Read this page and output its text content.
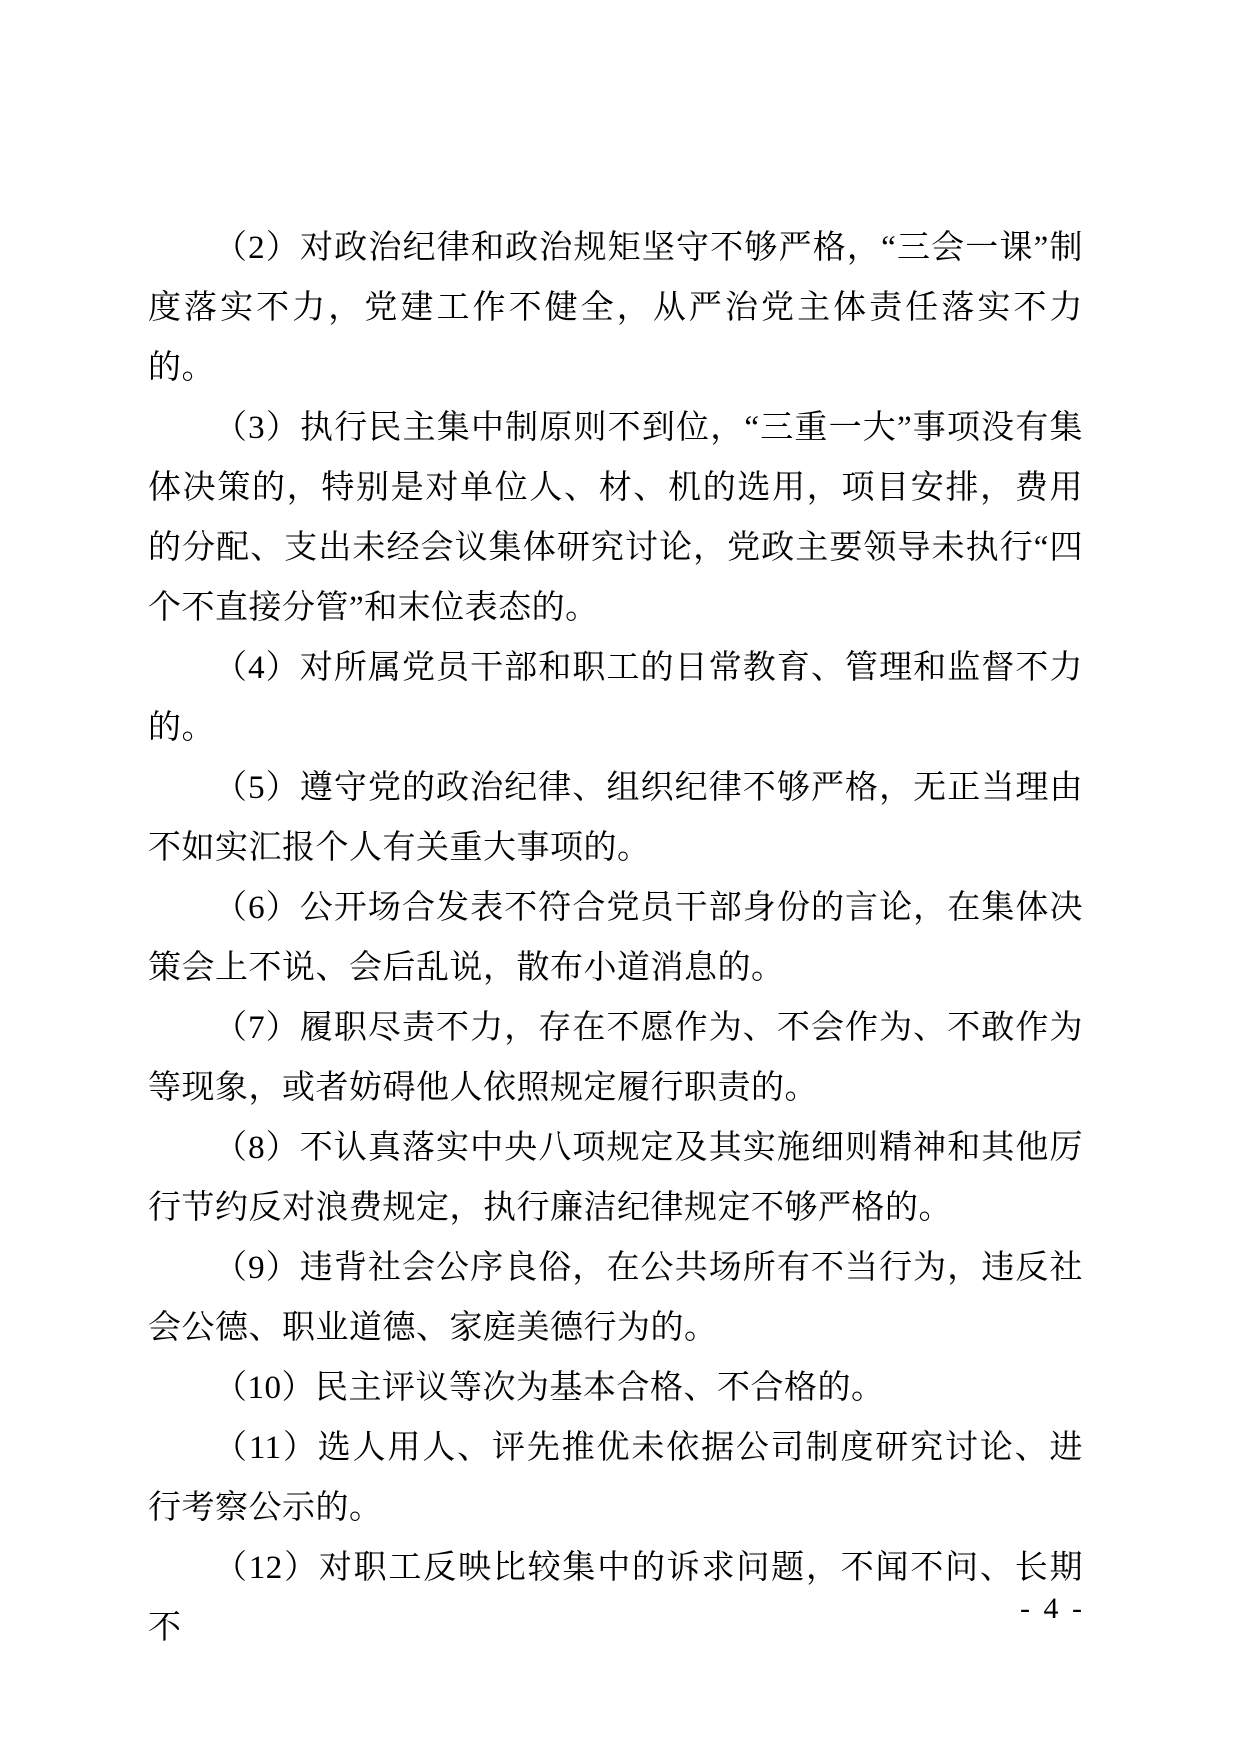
（2）对政治纪律和政治规矩坚守不够严格，“三会一课”制度落实不力，党建工作不健全，从严治党主体责任落实不力的。

（3）执行民主集中制原则不到位，“三重一大”事项没有集体决策的，特别是对单位人、材、机的选用，项目安排，费用的分配、支出未经会议集体研究讨论，党政主要领导未执行“四个不直接分管”和末位表态的。

（4）对所属党员干部和职工的日常教育、管理和监督不力的。

（5）遵守党的政治纪律、组织纪律不够严格，无正当理由不如实汇报个人有关重大事项的。

（6）公开场合发表不符合党员干部身份的言论，在集体决策会上不说、会后乱说，散布小道消息的。

（7）履职尽责不力，存在不愿作为、不会作为、不敢作为等现象，或者妨碍他人依照规定履行职责的。

（8）不认真落实中央八项规定及其实施细则精神和其他厉行节约反对浪费规定，执行廉洁纪律规定不够严格的。

（9）违背社会公序良俗，在公共场所有不当行为，违反社会公德、职业道德、家庭美德行为的。

（10）民主评议等次为基本合格、不合格的。

（11）选人用人、评先推优未依据公司制度研究讨论、进行考察公示的。

（12）对职工反映比较集中的诉求问题，不闻不问、长期不

- 4 -
